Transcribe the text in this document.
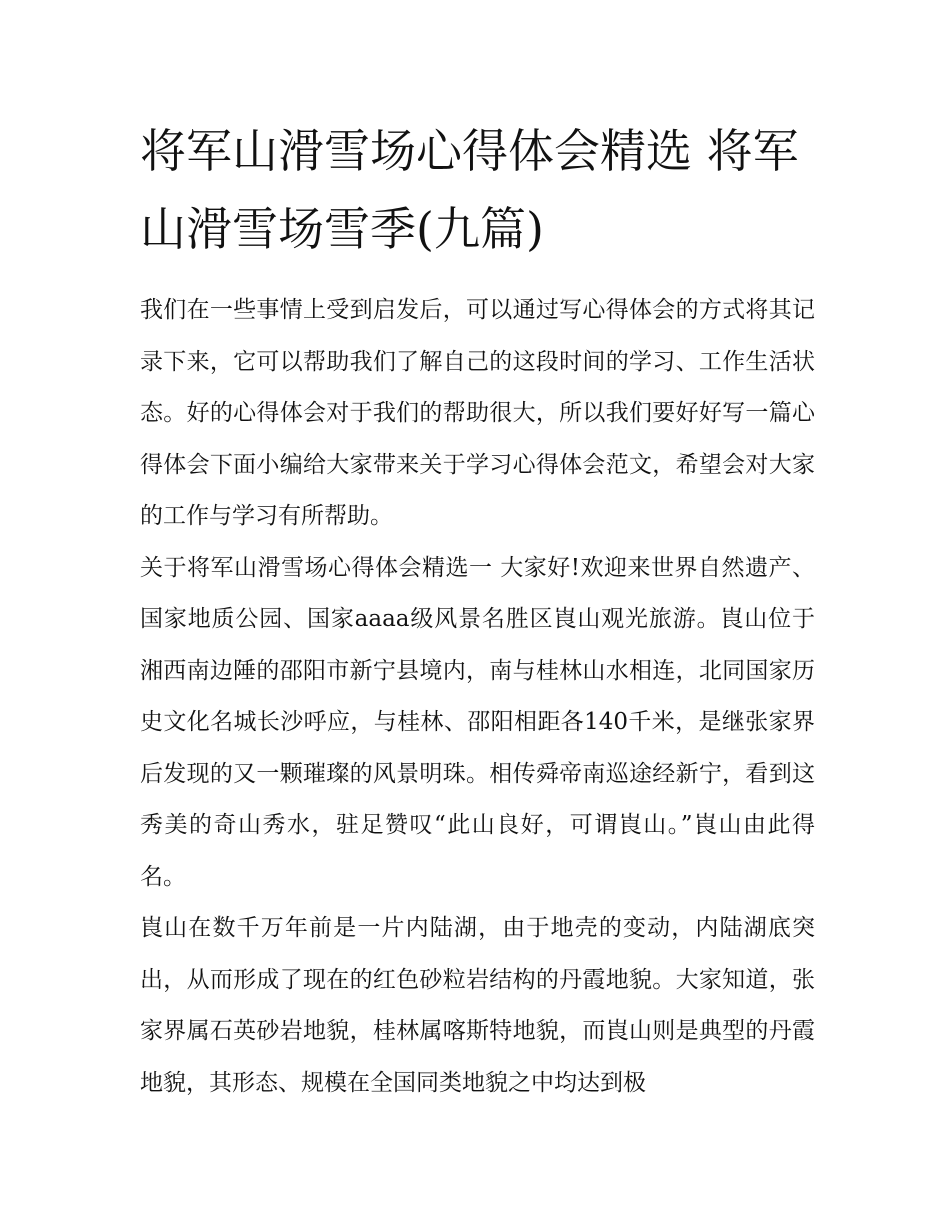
将军山滑雪场心得体会精选 将军山滑雪场雪季(九篇)

我们在一些事情上受到启发后，可以通过写心得体会的方式将其记录下来，它可以帮助我们了解自己的这段时间的学习、工作生活状态。好的心得体会对于我们的帮助很大，所以我们要好好写一篇心得体会下面小编给大家带来关于学习心得体会范文，希望会对大家的工作与学习有所帮助。

关于将军山滑雪场心得体会精选一 大家好!欢迎来世界自然遗产、国家地质公园、国家aaaa级风景名胜区崀山观光旅游。崀山位于湘西南边陲的邵阳市新宁县境内，南与桂林山水相连，北同国家历史文化名城长沙呼应，与桂林、邵阳相距各140千米，是继张家界后发现的又一颗璀璨的风景明珠。相传舜帝南巡途经新宁，看到这秀美的奇山秀水，驻足赞叹“此山良好，可谓崀山。”崀山由此得名。

崀山在数千万年前是一片内陆湖，由于地壳的变动，内陆湖底突出，从而形成了现在的红色砂粒岩结构的丹霞地貌。大家知道，张家界属石英砂岩地貌，桂林属喀斯特地貌，而崀山则是典型的丹霞地貌，其形态、规模在全国同类地貌之中均达到极
